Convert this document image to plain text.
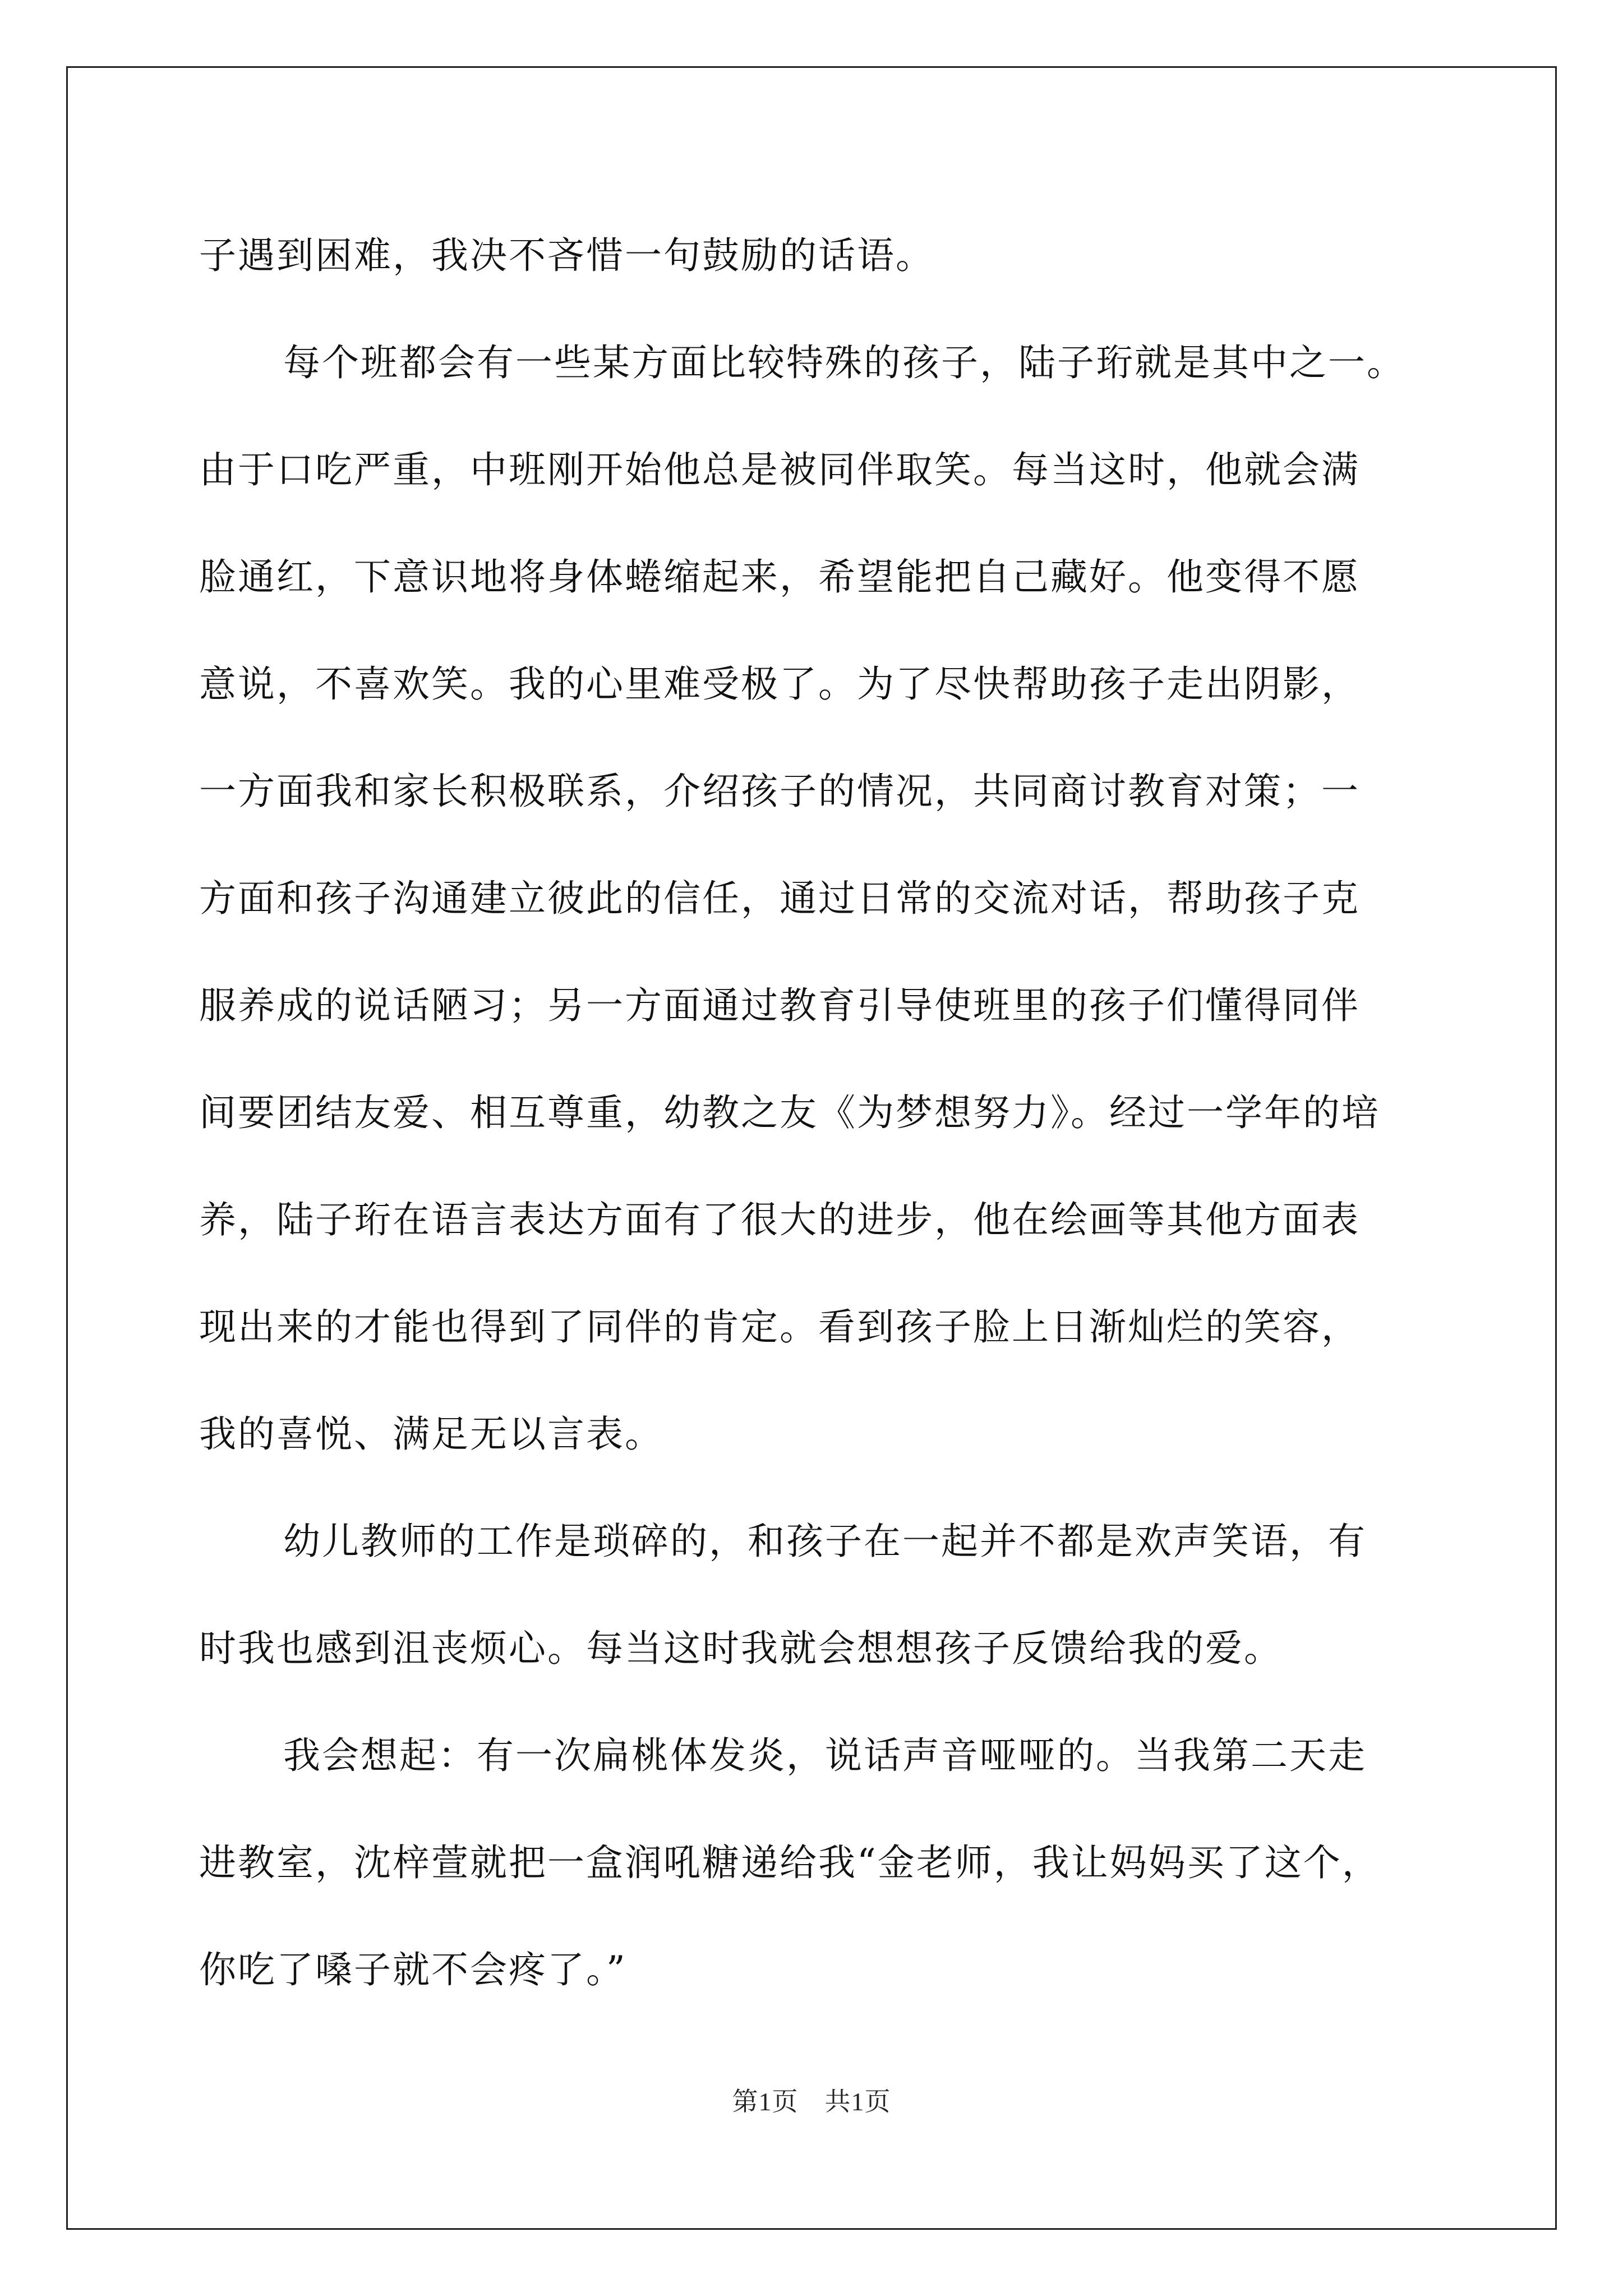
子遇到困难，我决不吝惜一句鼓励的话语。
每个班都会有一些某方面比较特殊的孩子，陆子珩就是其中之一。
由于口吃严重，中班刚开始他总是被同伴取笑。每当这时，他就会满
脸通红，下意识地将身体蜷缩起来，希望能把自己藏好。他变得不愿
意说，不喜欢笑。我的心里难受极了。为了尽快帮助孩子走出阴影，
一方面我和家长积极联系，介绍孩子的情况，共同商讨教育对策；一
方面和孩子沟通建立彼此的信任，通过日常的交流对话，帮助孩子克
服养成的说话陋习；另一方面通过教育引导使班里的孩子们懂得同伴
间要团结友爱、相互尊重，幼教之友《为梦想努力》。经过一学年的培
养，陆子珩在语言表达方面有了很大的进步，他在绘画等其他方面表
现出来的才能也得到了同伴的肯定。看到孩子脸上日渐灿烂的笑容，
我的喜悦、满足无以言表。
幼儿教师的工作是琐碎的，和孩子在一起并不都是欢声笑语，有
时我也感到沮丧烦心。每当这时我就会想想孩子反馈给我的爱。
我会想起：有一次扁桃体发炎，说话声音哑哑的。当我第二天走
进教室，沈梓萱就把一盒润吼糖递给我“金老师，我让妈妈买了这个，
你吃了嗓子就不会疼了。”
第1页　共1页
